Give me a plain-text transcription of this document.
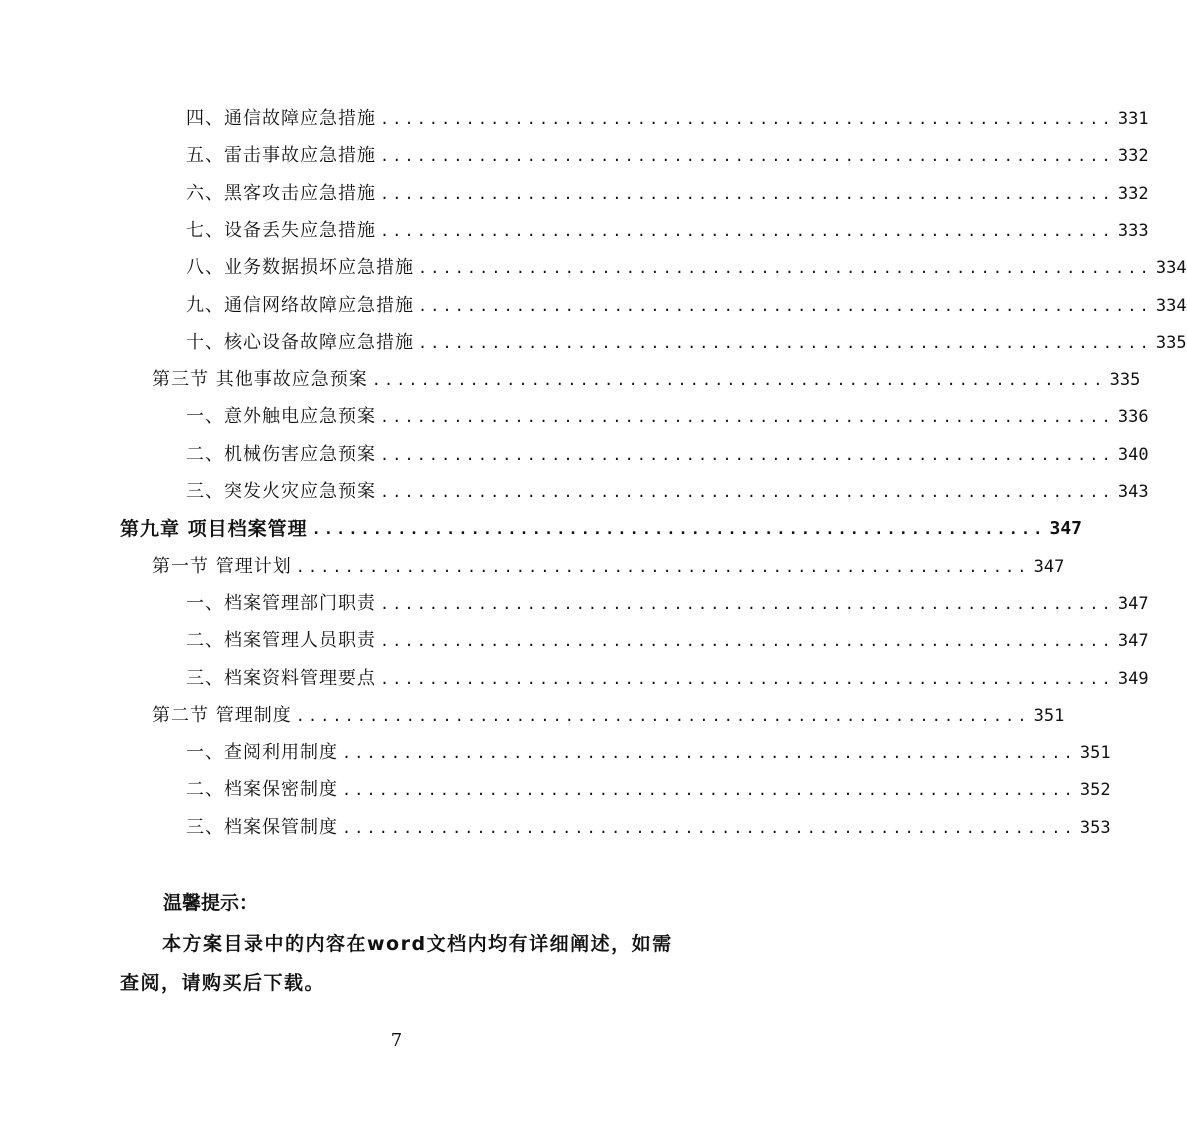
四、通信故障应急措施 ............................................................ 331
五、雷击事故应急措施 ............................................................ 332
六、黑客攻击应急措施 ............................................................ 332
七、设备丢失应急措施 ............................................................ 333
八、业务数据损坏应急措施 ............................................................ 334
九、通信网络故障应急措施 ............................................................ 334
十、核心设备故障应急措施 ............................................................ 335
第三节 其他事故应急预案 ............................................................ 335
一、意外触电应急预案 ............................................................ 336
二、机械伤害应急预案 ............................................................ 340
三、突发火灾应急预案 ............................................................ 343
第九章 项目档案管理 ............................................................ 347
第一节 管理计划 ............................................................ 347
一、档案管理部门职责 ............................................................ 347
二、档案管理人员职责 ............................................................ 347
三、档案资料管理要点 ............................................................ 349
第二节 管理制度 ............................................................ 351
一、查阅利用制度 ............................................................ 351
二、档案保密制度 ............................................................ 352
三、档案保管制度 ............................................................ 353
温馨提示：
本方案目录中的内容在word文档内均有详细阐述，如需查阅，请购买后下载。
7
